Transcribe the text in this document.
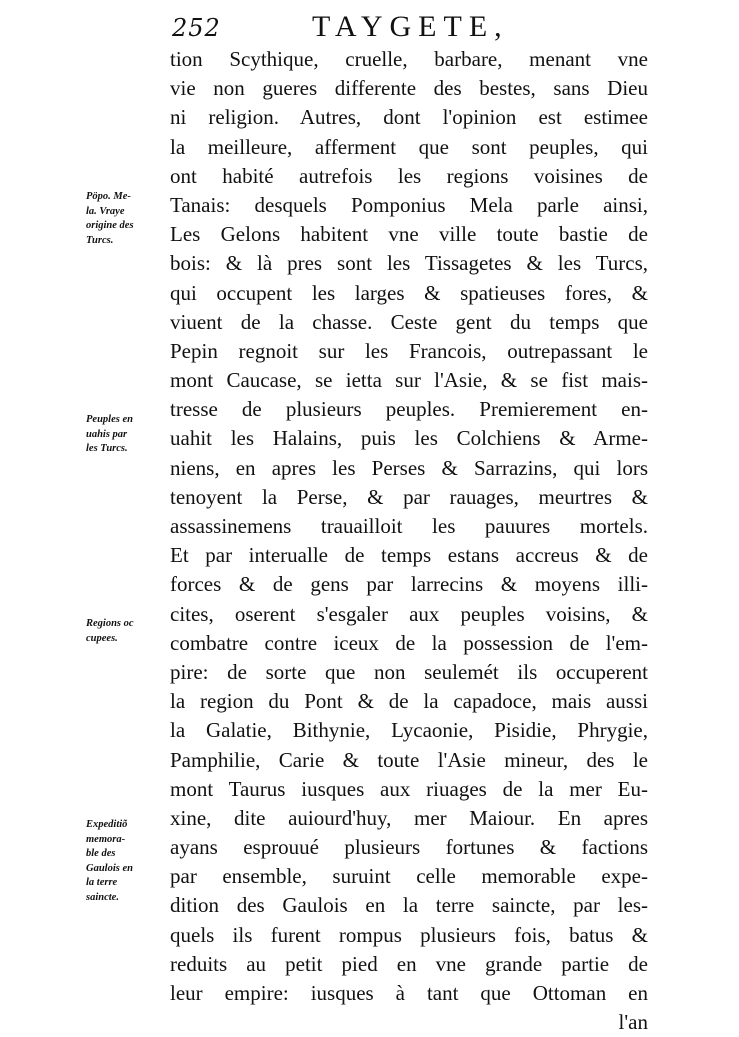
252	TAYGETE,
tion Scythique, cruelle, barbare, menant vne
vie non gueres differente des bestes, sans Dieu
ni religion. Autres, dont l'opinion est estimee
la meilleure, afferment que sont peuples, qui
ont habité autrefois les regions voisines de
Tanais: desquels Pomponius Mela parle ainsi,
Les Gelons habitent vne ville toute bastie de
bois: & là pres sont les Tissagetes & les Turcs,
qui occupent les larges & spatieuses fores, &
viuent de la chasse. Ceste gent du temps que
Pepin regnoit sur les Francois, outrepassant le
mont Caucase, se ietta sur l'Asie, & se fist mais-
tresse de plusieurs peuples. Premierement en-
uahit les Halains, puis les Colchiens & Arme-
niens, en apres les Perses & Sarrazins, qui lors
tenoyent la Perse, & par rauages, meurtres &
assassinemens trauailloit les pauures mortels.
Et par interualle de temps estans accreus & de
forces & de gens par larrecins & moyens illi-
cites, oserent s'esgaler aux peuples voisins, &
combatre contre iceux de la possession de l'em-
pire: de sorte que non seulemét ils occuperent
la region du Pont & de la capadoce, mais aussi
la Galatie, Bithynie, Lycaonie, Pisidie, Phrygie,
Pamphilie, Carie & toute l'Asie mineur, des le
mont Taurus iusques aux riuages de la mer Eu-
xine, dite auiourd'huy, mer Maiour. En apres
ayans esprouué plusieurs fortunes & factions
par ensemble, suruint celle memorable expe-
dition des Gaulois en la terre saincte, par les-
quels ils furent rompus plusieurs fois, batus &
reduits au petit pied en vne grande partie de
leur empire: iusques à tant que Ottoman en
l'an
Pöpo. Me-
la. Vraye
origine des
Turcs.
Peuples en
uahis par
les Turcs.
Regions oc
cupees.
Expeditiõ
memora-
ble des
Gaulois en
la terre
saincte.
